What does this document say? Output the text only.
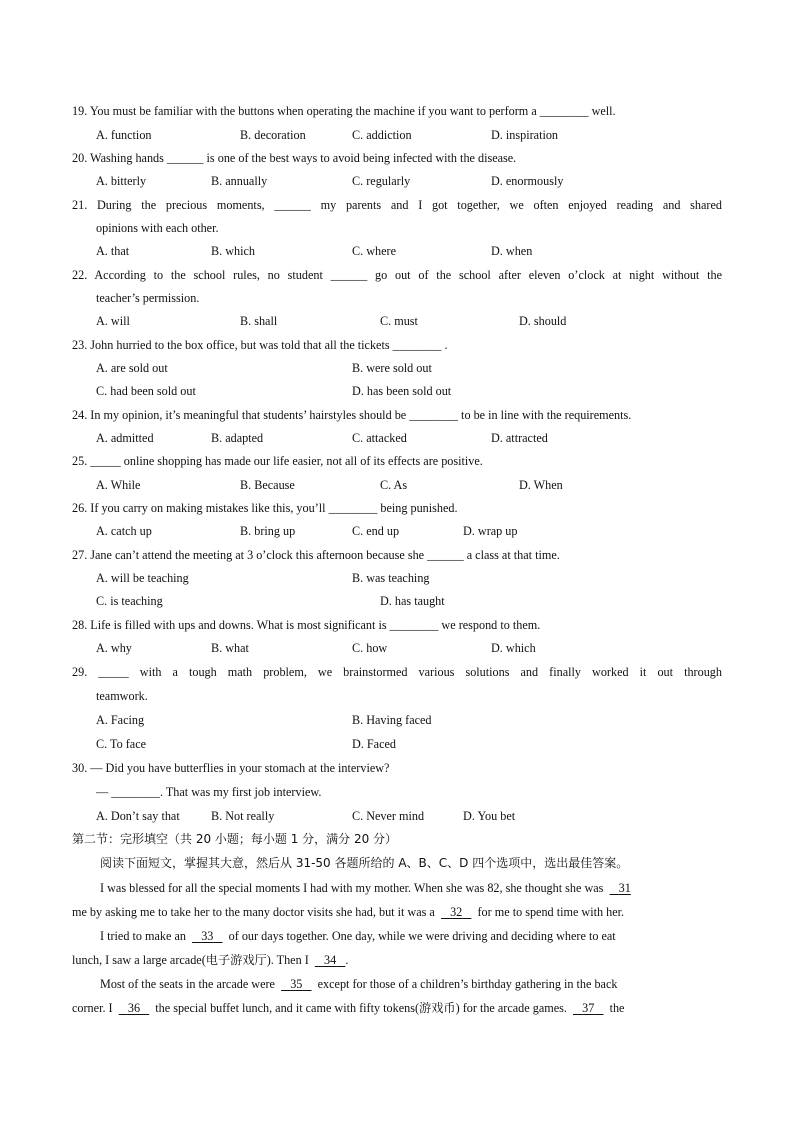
19. You must be familiar with the buttons when operating the machine if you want to perform a ________ well.
A. function	B. decoration	C. addiction	D. inspiration
20. Washing hands ______ is one of the best ways to avoid being infected with the disease.
A. bitterly	B. annually	C. regularly	D. enormously
21. During the precious moments, ______ my parents and I got together, we often enjoyed reading and shared
opinions with each other.
A. that	B. which	C. where	D. when
22. According to the school rules, no student ______ go out of the school after eleven o’clock at night without the
teacher’s permission.
A. will	B. shall	C. must	D. should
23. John hurried to the box office, but was told that all the tickets ________ .
A. are sold out	B. were sold out
C. had been sold out	D. has been sold out
24. In my opinion, it’s meaningful that students’ hairstyles should be ________ to be in line with the requirements.
A. admitted	B. adapted	C. attacked	D. attracted
25. _____ online shopping has made our life easier, not all of its effects are positive.
A. While	B. Because	C. As	D. When
26. If you carry on making mistakes like this, you’ll ________ being punished.
A. catch up	B. bring up	C. end up	D. wrap up
27. Jane can’t attend the meeting at 3 o’clock this afternoon because she ______ a class at that time.
A. will be teaching	B. was teaching
C. is teaching	D. has taught
28. Life is filled with ups and downs. What is most significant is ________ we respond to them.
A. why	B. what	C. how	D. which
29. _____ with a tough math problem, we brainstormed various solutions and finally worked it out through
teamwork.
A. Facing	B. Having faced
C. To face	D. Faced
30. — Did you have butterflies in your stomach at the interview?
— ________. That was my first job interview.
A. Don’t say that	B. Not really	C. Never mind	D. You bet
第二节：完形填空（共 20 小题；每小题 1 分，满分 20 分）
阅读下面短文，掌握其大意，然后从 31-50 各题所给的 A、B、C、D 四个选项中，选出最佳答案。
I was blessed for all the special moments I had with my mother. When she was 82, she thought she was 31
me by asking me to take her to the many doctor visits she had, but it was a 32 for me to spend time with her.
I tried to make an 33 of our days together. One day, while we were driving and deciding where to eat
lunch, I saw a large arcade(电子游戏厅). Then I 34 .
Most of the seats in the arcade were 35 except for those of a children’s birthday gathering in the back
corner. I 36 the special buffet lunch, and it came with fifty tokens(游戏币) for the arcade games. 37 the
